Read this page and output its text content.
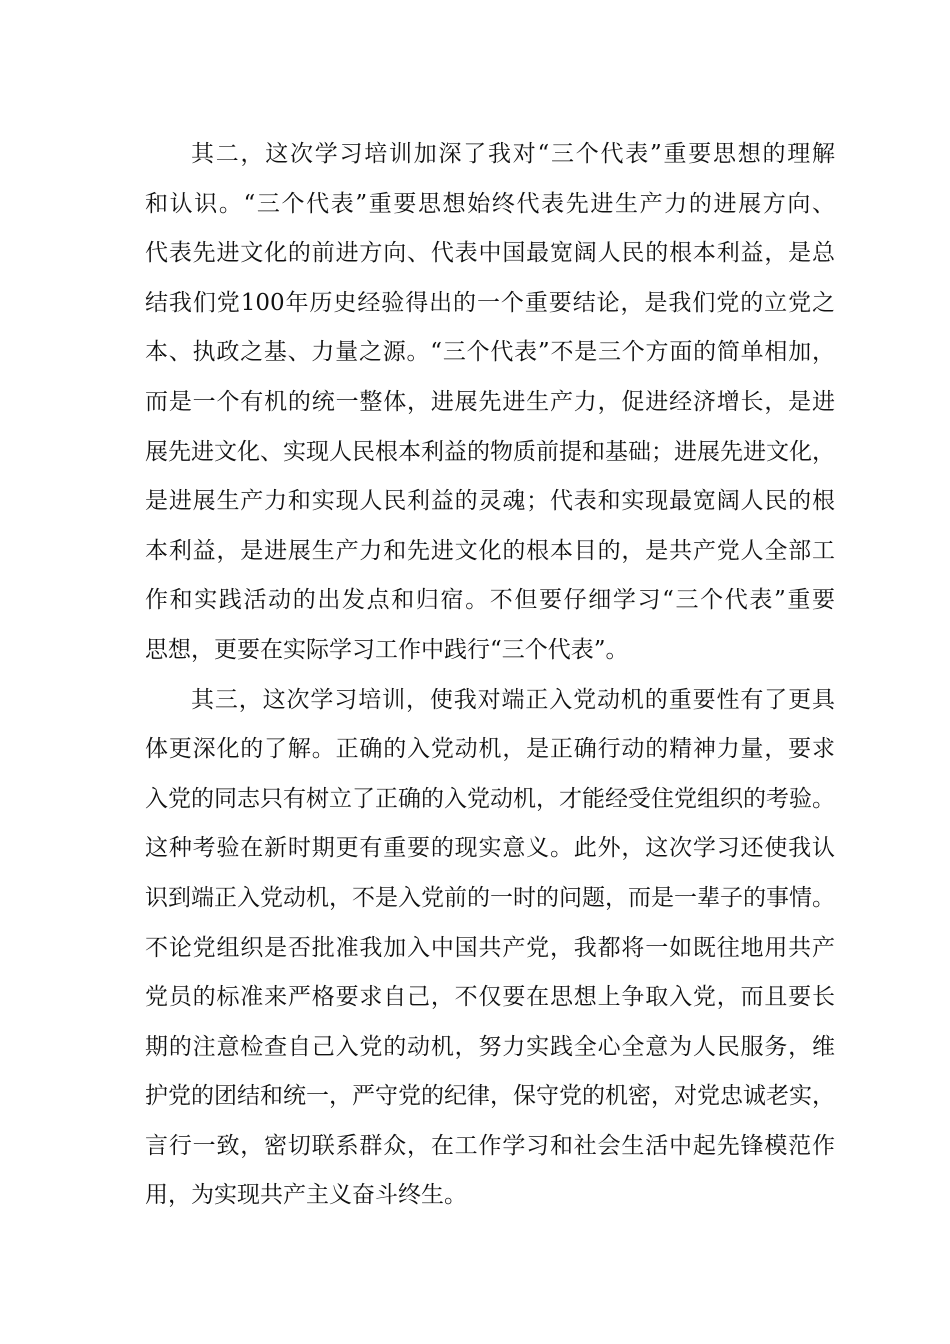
其二，这次学习培训加深了我对“三个代表”重要思想的理解
和认识。“三个代表”重要思想始终代表先进生产力的进展方向、
代表先进文化的前进方向、代表中国最宽阔人民的根本利益，是总
结我们党100年历史经验得出的一个重要结论，是我们党的立党之
本、执政之基、力量之源。“三个代表”不是三个方面的简单相加，
而是一个有机的统一整体，进展先进生产力，促进经济增长，是进
展先进文化、实现人民根本利益的物质前提和基础；进展先进文化，
是进展生产力和实现人民利益的灵魂；代表和实现最宽阔人民的根
本利益，是进展生产力和先进文化的根本目的，是共产党人全部工
作和实践活动的出发点和归宿。不但要仔细学习“三个代表”重要
思想，更要在实际学习工作中践行“三个代表”。
其三，这次学习培训，使我对端正入党动机的重要性有了更具
体更深化的了解。正确的入党动机，是正确行动的精神力量，要求
入党的同志只有树立了正确的入党动机，才能经受住党组织的考验。
这种考验在新时期更有重要的现实意义。此外，这次学习还使我认
识到端正入党动机，不是入党前的一时的问题，而是一辈子的事情。
不论党组织是否批准我加入中国共产党，我都将一如既往地用共产
党员的标准来严格要求自己，不仅要在思想上争取入党，而且要长
期的注意检查自己入党的动机，努力实践全心全意为人民服务，维
护党的团结和统一，严守党的纪律，保守党的机密，对党忠诚老实，
言行一致，密切联系群众，在工作学习和社会生活中起先锋模范作
用，为实现共产主义奋斗终生。
